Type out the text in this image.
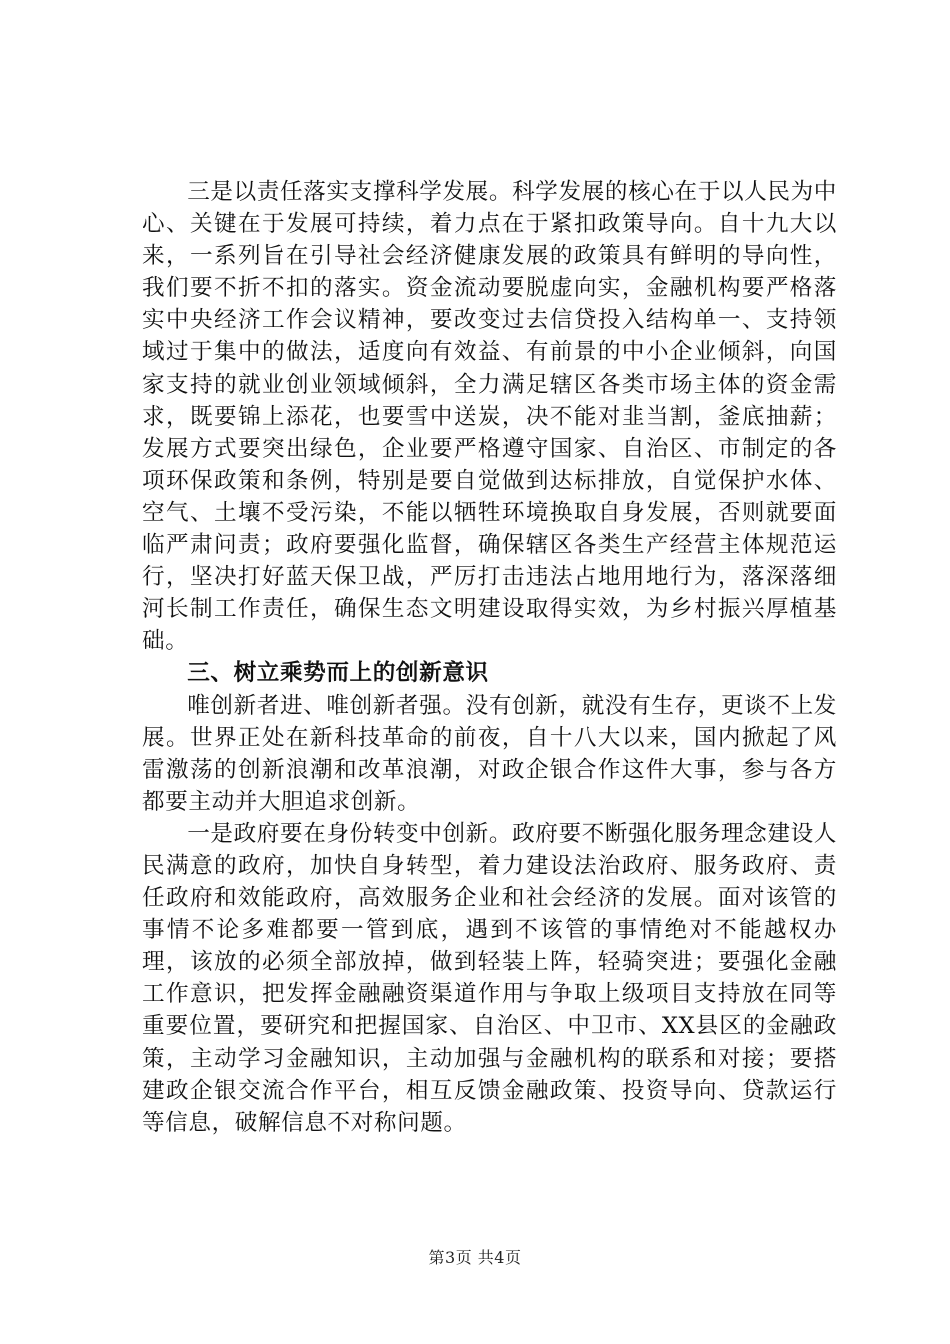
三是以责任落实支撑科学发展。科学发展的核心在于以人民为中心、关键在于发展可持续，着力点在于紧扣政策导向。自十九大以来，一系列旨在引导社会经济健康发展的政策具有鲜明的导向性，我们要不折不扣的落实。资金流动要脱虚向实，金融机构要严格落实中央经济工作会议精神，要改变过去信贷投入结构单一、支持领域过于集中的做法，适度向有效益、有前景的中小企业倾斜，向国家支持的就业创业领域倾斜，全力满足辖区各类市场主体的资金需求，既要锦上添花，也要雪中送炭，决不能对韭当割，釜底抽薪；发展方式要突出绿色，企业要严格遵守国家、自治区、市制定的各项环保政策和条例，特别是要自觉做到达标排放，自觉保护水体、空气、土壤不受污染，不能以牺牲环境换取自身发展，否则就要面临严肃问责；政府要强化监督，确保辖区各类生产经营主体规范运行，坚决打好蓝天保卫战，严厉打击违法占地用地行为，落深落细河长制工作责任，确保生态文明建设取得实效，为乡村振兴厚植基础。

三、树立乘势而上的创新意识

唯创新者进、唯创新者强。没有创新，就没有生存，更谈不上发展。世界正处在新科技革命的前夜，自十八大以来，国内掀起了风雷激荡的创新浪潮和改革浪潮，对政企银合作这件大事，参与各方都要主动并大胆追求创新。

一是政府要在身份转变中创新。政府要不断强化服务理念建设人民满意的政府，加快自身转型，着力建设法治政府、服务政府、责任政府和效能政府，高效服务企业和社会经济的发展。面对该管的事情不论多难都要一管到底，遇到不该管的事情绝对不能越权办理，该放的必须全部放掉，做到轻装上阵，轻骑突进；要强化金融工作意识，把发挥金融融资渠道作用与争取上级项目支持放在同等重要位置，要研究和把握国家、自治区、中卫市、XX县区的金融政策，主动学习金融知识，主动加强与金融机构的联系和对接；要搭建政企银交流合作平台，相互反馈金融政策、投资导向、贷款运行等信息，破解信息不对称问题。

第3页 共4页
